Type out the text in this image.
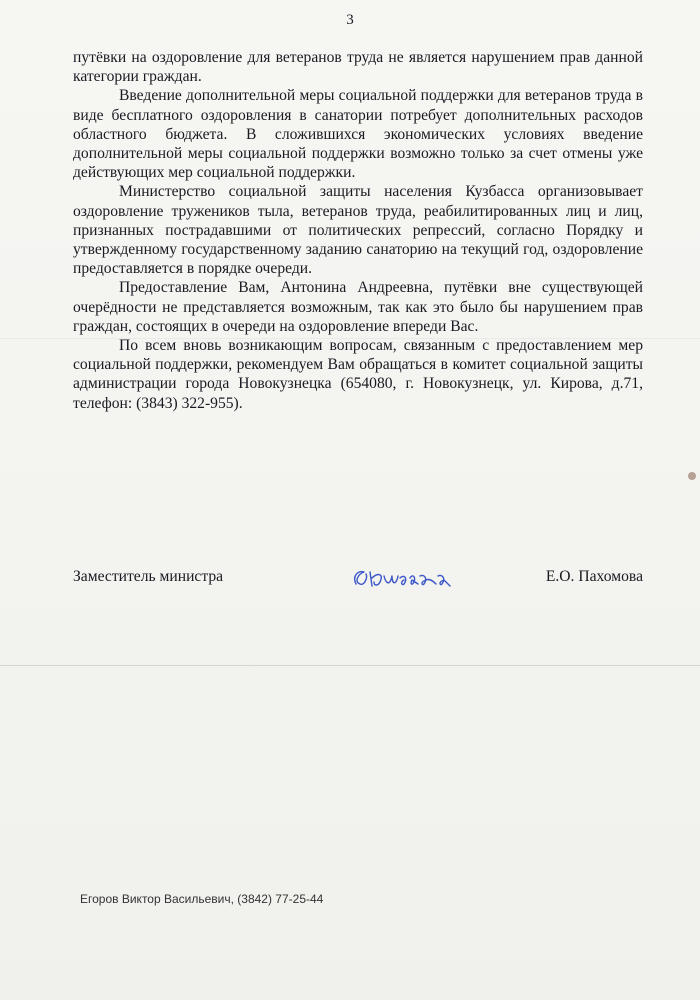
3

путёвки на оздоровление для ветеранов труда не является нарушением прав данной категории граждан.

Введение дополнительной меры социальной поддержки для ветеранов труда в виде бесплатного оздоровления в санатории потребует дополнительных расходов областного бюджета. В сложившихся экономических условиях введение дополнительной меры социальной поддержки возможно только за счет отмены уже действующих мер социальной поддержки.

Министерство социальной защиты населения Кузбасса организовывает оздоровление тружеников тыла, ветеранов труда, реабилитированных лиц и лиц, признанных пострадавшими от политических репрессий, согласно Порядку и утвержденному государственному заданию санаторию на текущий год, оздоровление предоставляется в порядке очереди.

Предоставление Вам, Антонина Андреевна, путёвки вне существующей очерёдности не представляется возможным, так как это было бы нарушением прав граждан, состоящих в очереди на оздоровление впереди Вас.

По всем вновь возникающим вопросам, связанным с предоставлением мер социальной поддержки, рекомендуем Вам обращаться в комитет социальной защиты администрации города Новокузнецка (654080, г. Новокузнецк, ул. Кирова, д.71, телефон: (3843) 322-955).

Заместитель министра	Е.О. Пахомова
Егоров Виктор Васильевич, (3842) 77-25-44
